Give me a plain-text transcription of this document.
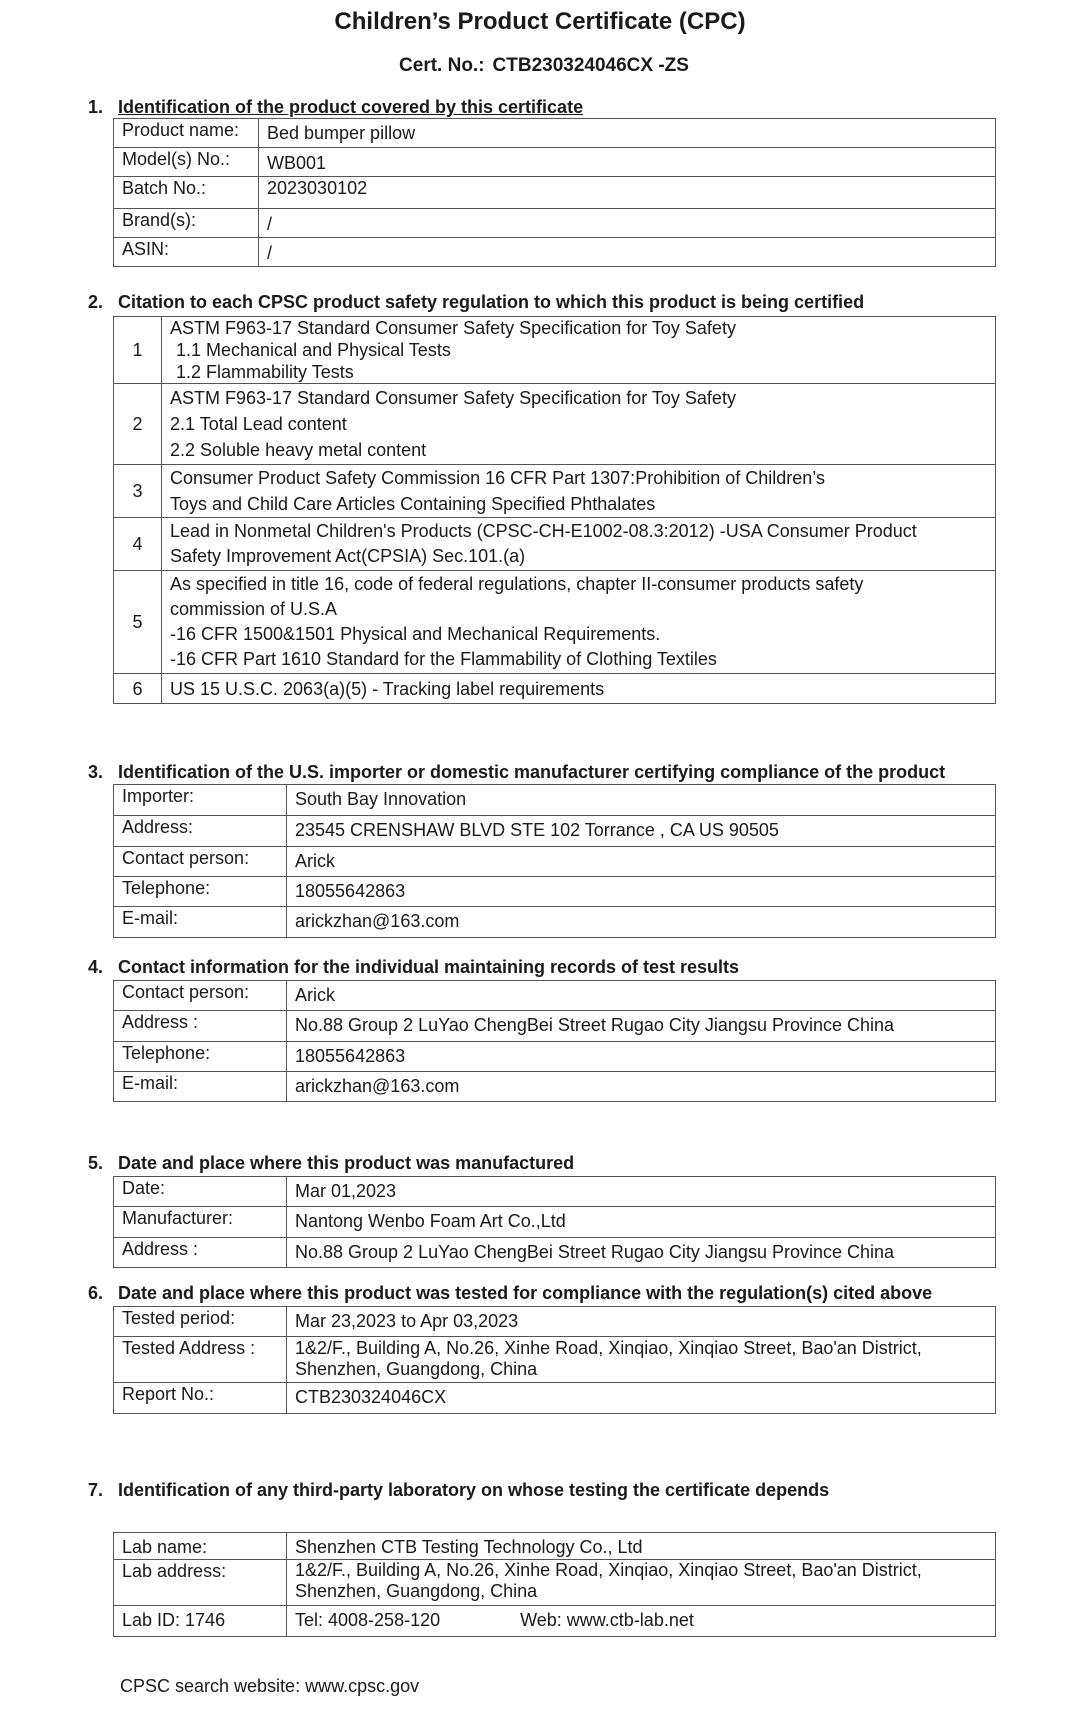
Children’s Product Certificate (CPC)
Cert. No.: CTB230324046CX -ZS
1. Identification of the product covered by this certificate
Product name:	Bed bumper pillow
Model(s) No.:	WB001
Batch No.:	2023030102
Brand(s):	/
ASIN:	/
2. Citation to each CPSC product safety regulation to which this product is being certified
1	ASTM F963-17 Standard Consumer Safety Specification for Toy Safety
1.1 Mechanical and Physical Tests
1.2 Flammability Tests

2	ASTM F963-17 Standard Consumer Safety Specification for Toy Safety
2.1 Total Lead content
2.2 Soluble heavy metal content

3	Consumer Product Safety Commission 16 CFR Part 1307:Prohibition of Children’s
Toys and Child Care Articles Containing Specified Phthalates

4	Lead in Nonmetal Children's Products (CPSC-CH-E1002-08.3:2012) -USA Consumer Product
Safety Improvement Act(CPSIA) Sec.101.(a)

5	As specified in title 16, code of federal regulations, chapter II-consumer products safety
commission of U.S.A
-16 CFR 1500&1501 Physical and Mechanical Requirements.
-16 CFR Part 1610 Standard for the Flammability of Clothing Textiles

6	US 15 U.S.C. 2063(a)(5) - Tracking label requirements
3. Identification of the U.S. importer or domestic manufacturer certifying compliance of the product
Importer:	South Bay Innovation
Address:	23545 CRENSHAW BLVD STE 102 Torrance , CA US 90505
Contact person:	Arick
Telephone:	18055642863
E-mail:	arickzhan@163.com
4. Contact information for the individual maintaining records of test results
Contact person:	Arick
Address :	No.88 Group 2 LuYao ChengBei Street Rugao City Jiangsu Province China
Telephone:	18055642863
E-mail:	arickzhan@163.com
5. Date and place where this product was manufactured
Date:	Mar 01,2023
Manufacturer:	Nantong Wenbo Foam Art Co.,Ltd
Address :	No.88 Group 2 LuYao ChengBei Street Rugao City Jiangsu Province China
6. Date and place where this product was tested for compliance with the regulation(s) cited above
Tested period:	Mar 23,2023 to Apr 03,2023
Tested Address :	1&2/F., Building A, No.26, Xinhe Road, Xinqiao, Xinqiao Street, Bao'an District,
Shenzhen, Guangdong, China

Report No.:	CTB230324046CX
7. Identification of any third-party laboratory on whose testing the certificate depends
Lab name:	Shenzhen CTB Testing Technology Co., Ltd
Lab address:	1&2/F., Building A, No.26, Xinhe Road, Xinqiao, Xinqiao Street, Bao'an District,
Shenzhen, Guangdong, China

Lab ID: 1746	Tel: 4008-258-120 Web: www.ctb-lab.net
CPSC search website: www.cpsc.gov
